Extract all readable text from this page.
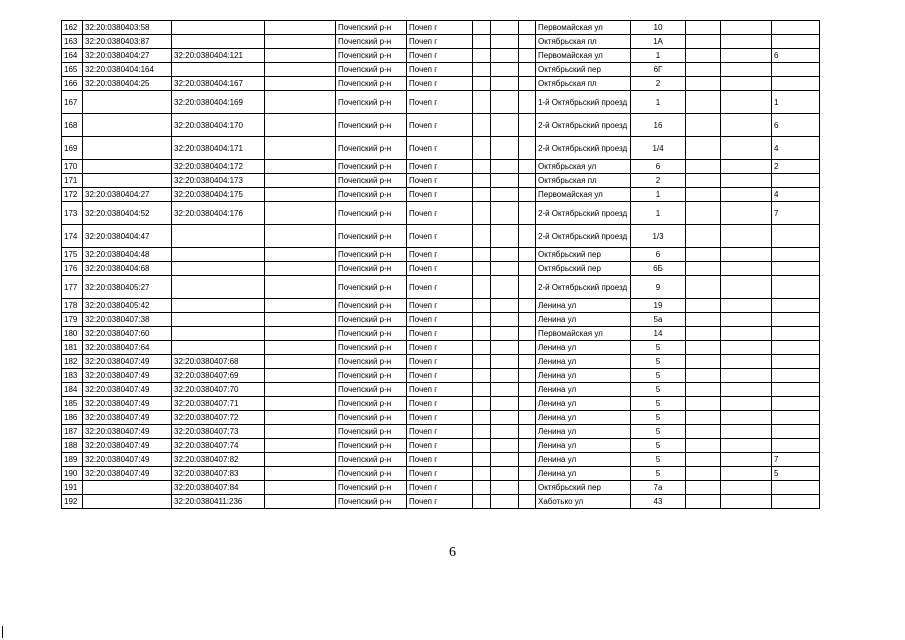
162	32:20:0380403:58			Почепский р-н	Почеп г				Первомайская ул	10			
163	32:20:0380403:87			Почепский р-н	Почеп г				Октябрьская пл	1А			
164	32:20:0380404:27	32:20:0380404:121		Почепский р-н	Почеп г				Первомайская ул	1			6
165	32:20:0380404:164			Почепский р-н	Почеп г				Октябрьский пер	6Г			
166	32:20:0380404:25	32:20:0380404:167		Почепский р-н	Почеп г				Октябрьская пл	2			
167		32:20:0380404:169		Почепский р-н	Почеп г				1-й Октябрьский проезд	1			1
168		32:20:0380404:170		Почепский р-н	Почеп г				2-й Октябрьский проезд	16			6
169		32:20:0380404:171		Почепский р-н	Почеп г				2-й Октябрьский проезд	1/4			4
170		32:20:0380404:172		Почепский р-н	Почеп г				Октябрьская ул	6			2
171		32:20:0380404:173		Почепский р-н	Почеп г				Октябрьская пл	2			
172	32:20:0380404:27	32:20:0380404:175		Почепский р-н	Почеп г				Первомайская ул	1			4
173	32:20:0380404:52	32:20:0380404:176		Почепский р-н	Почеп г				2-й Октябрьский проезд	1			7
174	32:20:0380404:47			Почепский р-н	Почеп г				2-й Октябрьский проезд	1/3			
175	32:20:0380404:48			Почепский р-н	Почеп г				Октябрьский пер	6			
176	32:20:0380404:68			Почепский р-н	Почеп г				Октябрьский пер	6Б			
177	32:20:0380405:27			Почепский р-н	Почеп г				2-й Октябрьский проезд	9			
178	32:20:0380405:42			Почепский р-н	Почеп г				Ленина ул	19			
179	32:20:0380407:38			Почепский р-н	Почеп г				Ленина ул	5а			
180	32:20:0380407:60			Почепский р-н	Почеп г				Первомайская ул	14			
181	32:20:0380407:64			Почепский р-н	Почеп г				Ленина ул	5			
182	32:20:0380407:49	32:20:0380407:68		Почепский р-н	Почеп г				Ленина ул	5			
183	32:20:0380407:49	32:20:0380407:69		Почепский р-н	Почеп г				Ленина ул	5			
184	32:20:0380407:49	32:20:0380407:70		Почепский р-н	Почеп г				Ленина ул	5			
185	32:20:0380407:49	32:20:0380407:71		Почепский р-н	Почеп г				Ленина ул	5			
186	32:20:0380407:49	32:20:0380407:72		Почепский р-н	Почеп г				Ленина ул	5			
187	32:20:0380407:49	32:20:0380407:73		Почепский р-н	Почеп г				Ленина ул	5			
188	32:20:0380407:49	32:20:0380407:74		Почепский р-н	Почеп г				Ленина ул	5			
189	32:20:0380407:49	32:20:0380407:82		Почепский р-н	Почеп г				Ленина ул	5			7
190	32:20:0380407:49	32:20:0380407:83		Почепский р-н	Почеп г				Ленина ул	5			5
191		32:20:0380407:84		Почепский р-н	Почеп г				Октябрьский пер	7а			
192		32:20:0380411:236		Почепский р-н	Почеп г				Хаботько ул	43			
6
